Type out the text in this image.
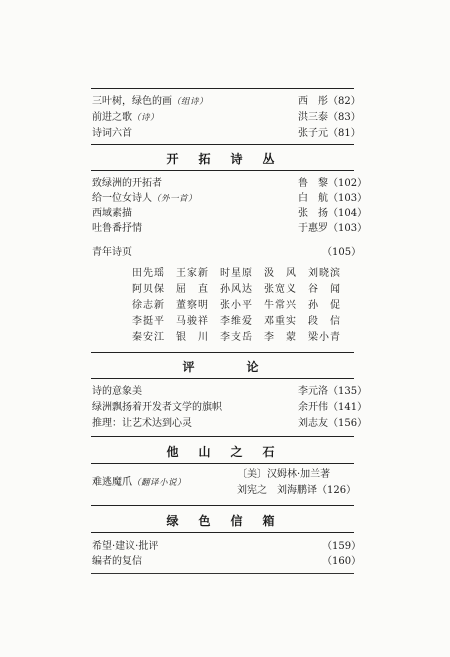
三叶树，绿色的画（组诗）	西　彤（82）
前进之歌（诗）	洪三泰（83）
诗词六首	张子元（81）
开　拓　诗　丛
致绿洲的开拓者	鲁　黎（102）
给一位女诗人（外一首）	白　航（103）
西域素描	张　扬（104）
吐鲁番抒情	于惠罗（103）
青年诗页	（105）
田先瑶	王家新	时星原	汲　风	刘晓滨
阿贝保	屈　直	孙风达	张宽义	谷　闻
徐志新	董察明	张小平	牛常兴	孙　促
李挺平	马骏祥	李维爱	邓重实	段　信
秦安江	银　川	李支岳	李　蒙	梁小青
评　　　论
诗的意象美	李元洛（135）
绿洲飘扬着开发者文学的旗帜	余开伟（141）
推理：让艺术达到心灵	刘志友（156）
他　山　之　石
难逃魔爪（翻译小说）
〔美〕汉姆林·加兰著
刘宪之　刘海鹏译（126）
绿　色　信　箱
希望·建议·批评	（159）
编者的复信	（160）
